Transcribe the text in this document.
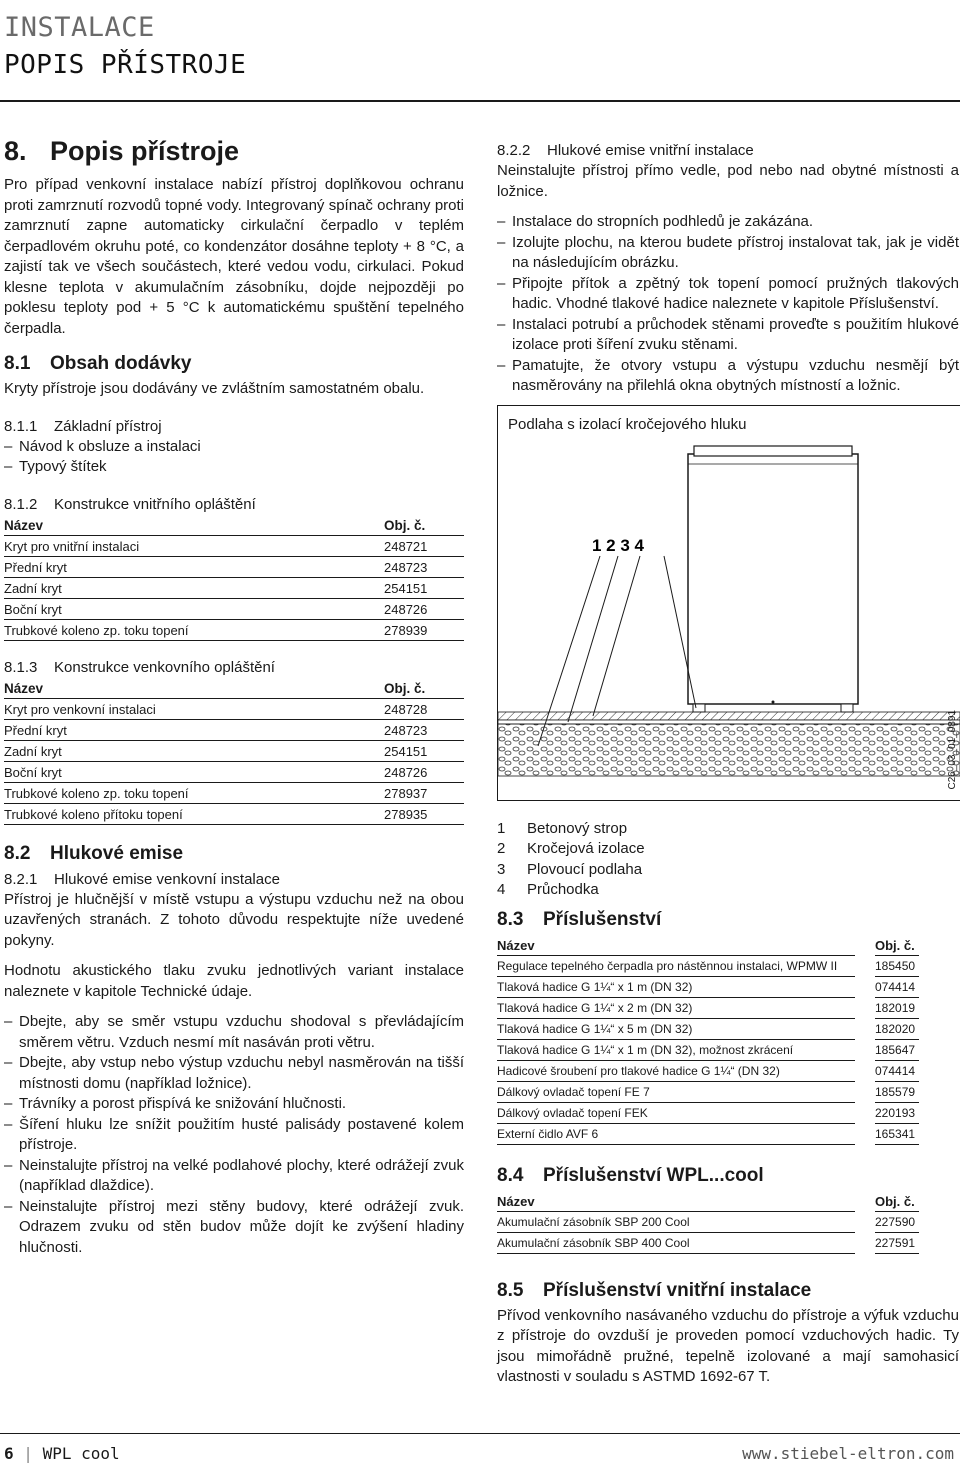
INSTALACE
POPIS PŘÍSTROJE
8. Popis přístroje

Pro případ venkovní instalace nabízí přístroj doplňkovou ochranu proti zamrznutí rozvodů topné vody. Integrovaný spínač ochrany proti zamrznutí zapne automaticky cirkulační čerpadlo v teplém čerpadlovém okruhu poté, co kondenzátor dosáhne teploty + 8 °C, a zajistí tak ve všech součástech, které vedou vodu, cirkulaci. Pokud klesne teplota v akumulačním zásobníku, dojde nejpozději po poklesu teploty pod + 5 °C k automatickému spuštění tepelného čerpadla.

8.1 Obsah dodávky

Kryty přístroje jsou dodávány ve zvláštním samostatném obalu.

8.1.1 Základní přístroj
– Návod k obsluze a instalaci
– Typový štítek
8.1.2 Konstrukce vnitřního opláštění
Název	Obj. č.
Kryt pro vnitřní instalaci	248721
Přední kryt	248723
Zadní kryt	254151
Boční kryt	248726
Trubkové koleno zp. toku topení	278939
8.1.3 Konstrukce venkovního opláštění
Název	Obj. č.
Kryt pro venkovní instalaci	248728
Přední kryt	248723
Zadní kryt	254151
Boční kryt	248726
Trubkové koleno zp. toku topení	278937
Trubkové koleno přítoku topení	278935
8.2 Hlukové emise
8.2.1 Hlukové emise venkovní instalace

Přístroj je hlučnější v místě vstupu a výstupu vzduchu než na obou uzavřených stranách. Z tohoto důvodu respektujte níže uvedené pokyny.

Hodnotu akustického tlaku zvuku jednotlivých variant instalace naleznete v kapitole Technické údaje.

– Dbejte, aby se směr vstupu vzduchu shodoval s převládajícím směrem větru. Vzduch nesmí mít nasáván proti větru.
– Dbejte, aby vstup nebo výstup vzduchu nebyl nasměrován na tišší místnosti domu (například ložnice).
– Trávníky a porost přispívá ke snižování hlučnosti.
– Šíření hluku lze snížit použitím husté palisády postavené kolem přístroje.
– Neinstalujte přístroj na velké podlahové plochy, které odrážejí zvuk (například dlaždice).
– Neinstalujte přístroj mezi stěny budovy, které odrážejí zvuk. Odrazem zvuku od stěn budov může dojít ke zvýšení hladiny hlučnosti.
8.2.2 Hlukové emise vnitřní instalace

Neinstalujte přístroj přímo vedle, pod nebo nad obytné místnosti a ložnice.

– Instalace do stropních podhledů je zakázána.
– Izolujte plochu, na kterou budete přístroj instalovat tak, jak je vidět na následujícím obrázku.
– Připojte přítok a zpětný tok topení pomocí pružných tlakových hadic. Vhodné tlakové hadice naleznete v kapitole Příslušenství.
– Instalaci potrubí a průchodek stěnami proveďte s použitím hlukové izolace proti šíření zvuku stěnami.
– Pamatujte, že otvory vstupu a výstupu vzduchu nesmějí být nasměrovány na přilehlá okna obytných místností a ložnic.
Podlaha s izolací kročejového hluku
1 2 3 4
C26_03_01_0891
1 Betonový strop
2 Kročejová izolace
3 Plovoucí podlaha
4 Průchodka
8.3 Příslušenství
Název		Obj. č.
Regulace tepelného čerpadla pro nástěnnou instalaci, WPMW II		185450
Tlaková hadice G 1¼“ x 1 m (DN 32)		074414
Tlaková hadice G 1¼“ x 2 m (DN 32)		182019
Tlaková hadice G 1¼“ x 5 m (DN 32)		182020
Tlaková hadice G 1¼“ x 1 m (DN 32), možnost zkrácení		185647
Hadicové šroubení pro tlakové hadice G 1¼“ (DN 32)		074414
Dálkový ovladač topení FE 7		185579
Dálkový ovladač topení FEK		220193
Externí čidlo AVF 6		165341
8.4 Příslušenství WPL...cool
Název		Obj. č.
Akumulační zásobník SBP 200 Cool		227590
Akumulační zásobník SBP 400 Cool		227591
8.5 Příslušenství vnitřní instalace

Přívod venkovního nasávaného vzduchu do přístroje a výfuk vzduchu z přístroje do ovzduší je proveden pomocí vzduchových hadic. Ty jsou mimořádně pružné, tepelně izolované a mají samohasicí vlastnosti v souladu s ASTMD 1692-67 T.

6 | WPL cool	www.stiebel-eltron.com
